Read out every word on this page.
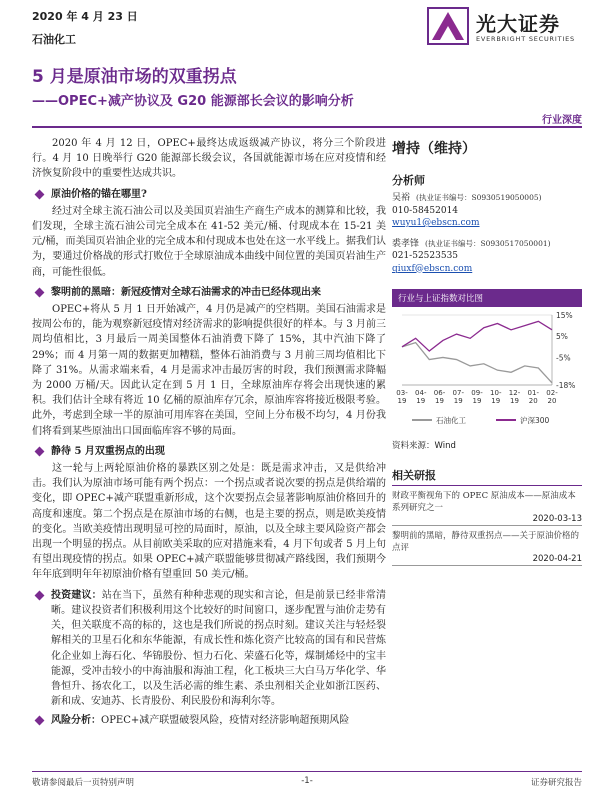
2020 年 4 月 23 日
石油化工
光大证券
EVERBRIGHT SECURITIES
5 月是原油市场的双重拐点
——OPEC+减产协议及 G20 能源部长会议的影响分析
行业深度

2020 年 4 月 12 日，OPEC+最终达成返级减产协议，将分三个阶段进行。4 月 10 日晚举行 G20 能源部长级会议，各国就能源市场在应对疫情和经济恢复阶段中的重要性达成共识。

原油价格的锚在哪里?

经过对全球主流石油公司以及美国页岩油生产商生产成本的测算和比较，我们发现，全球主流石油公司完全成本在 41-52 美元/桶、付现成本在 15-21 美元/桶，而美国页岩油企业的完全成本和付现成本也处在这一水平线上。据我们认为，要通过价格战的形式打败位于全球原油成本曲线中间位置的美国页岩油生产商，可能性很低。

黎明前的黑暗：新冠疫情对全球石油需求的冲击已经体现出来

OPEC+将从 5 月 1 日开始减产，4 月仍是减产的空档期。美国石油需求是按周公布的，能为观察新冠疫情对经济需求的影响提供很好的样本。与 3 月前三周均值相比，3 月最后一周美国整体石油消费下降了 15%，其中汽油下降了 29%；而 4 月第一周的数据更加糟糕，整体石油消费与 3 月前三周均值相比下降了 31%。从需求端来看，4 月是需求冲击最厉害的时段，我们预测需求降幅为 2000 万桶/天。因此认定在到 5 月 1 日，全球原油库存将会出现快速的累积。我们估计全球有将近 10 亿桶的原油库存冗余，原油库容将接近极限考验。此外，考虑到全球一半的原油可用库容在美国，空间上分布极不均匀，4 月份我们将看到某些原油出口国面临库容不够的局面。

静待 5 月双重拐点的出现

这一轮与上两轮原油价格的暴跌区别之处是：既是需求冲击，又是供给冲击。我们认为原油市场可能有两个拐点：一个拐点或者说次要的拐点是供给端的变化，即 OPEC+减产联盟重新形成，这个次要拐点会显著影响原油价格回升的高度和速度。第二个拐点是在原油市场的右侧，也是主要的拐点，则是欧美疫情的变化。当欧美疫情出现明显可控的局面时，原油，以及全球主要风险资产都会出现一个明显的拐点。从目前欧美采取的应对措施来看，4 月下旬或者 5 月上旬有望出现疫情的拐点。如果 OPEC+减产联盟能够贯彻减产路线图，我们预期今年年底到明年年初原油价格有望重回 50 美元/桶。

投资建议：站在当下，虽然有种种悲观的现实和言论，但是前景已经非常清晰。建议投资者们积极利用这个比较好的时间窗口，逐步配置与油价走势有关，但关联度不高的标的，这也是我们所说的拐点时刻。建议关注与轻烃裂解相关的卫星石化和东华能源，有成长性和炼化资产比较高的国有和民营炼化企业如上海石化、华锦股份、恒力石化、荣盛石化等，煤制烯烃中的宝丰能源，受冲击较小的中海油服和海油工程，化工板块三大白马万华化学、华鲁恒升、扬农化工，以及生活必需的维生素、杀虫剂相关企业如浙江医药、新和成、安迪苏、长青股份、利民股份和海利尔等。
风险分析：OPEC+减产联盟破裂风险，疫情对经济影响超预期风险
增持（维持）
分析师
吴裕 (执业证书编号：S0930519050005)
010-58452014
wuyu1@ebscn.com
裘孝锋 (执业证书编号：S0930517050001)
021-52523535
qiuxf@ebscn.com
行业与上证指数对比图
15%
5%
-5%
-18%
03-19
04-19
06-19
07-19
09-19
10-19
12-19
01-20
02-20
石油化工	沪深300
资料来源：Wind
相关研报
财政平衡视角下的 OPEC 原油成本——原油成本系列研究之一
2020-03-13
黎明前的黑暗，静待双重拐点——关于原油价格的点评
2020-04-21
敬请参阅最后一页特别声明	-1-	证券研究报告
